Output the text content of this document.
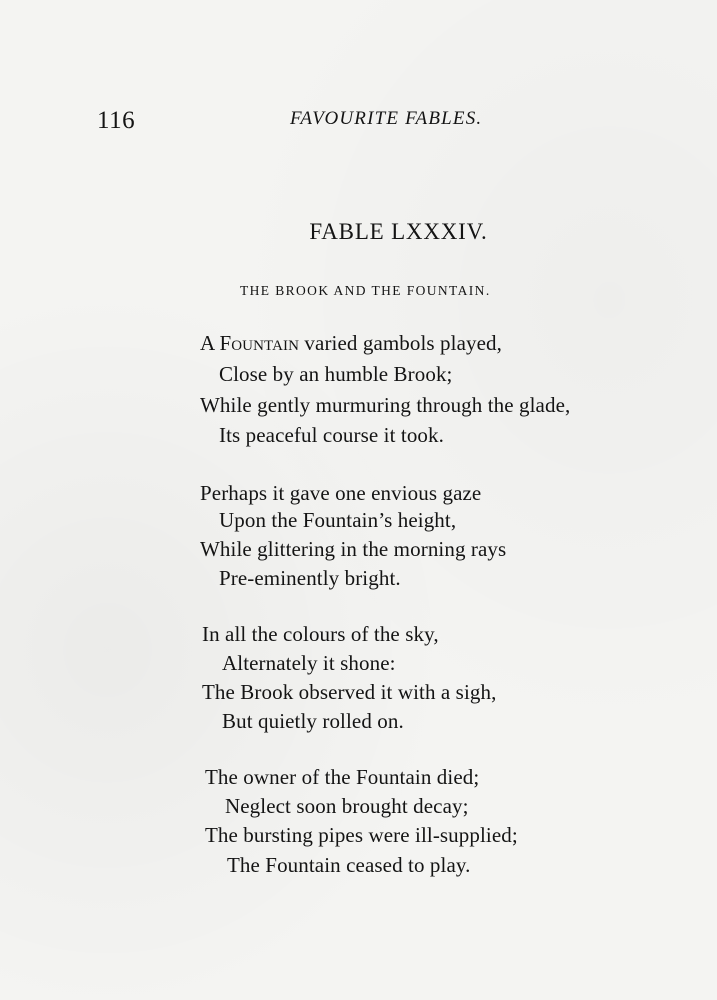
116	FAVOURITE FABLES.
FABLE LXXXIV.
THE BROOK AND THE FOUNTAIN.
A Fountain varied gambols played,
Close by an humble Brook;
While gently murmuring through the glade,
Its peaceful course it took.
Perhaps it gave one envious gaze
Upon the Fountain’s height,
While glittering in the morning rays
Pre-eminently bright.
In all the colours of the sky,
Alternately it shone:
The Brook observed it with a sigh,
But quietly rolled on.
The owner of the Fountain died;
Neglect soon brought decay;
The bursting pipes were ill-supplied;
The Fountain ceased to play.
